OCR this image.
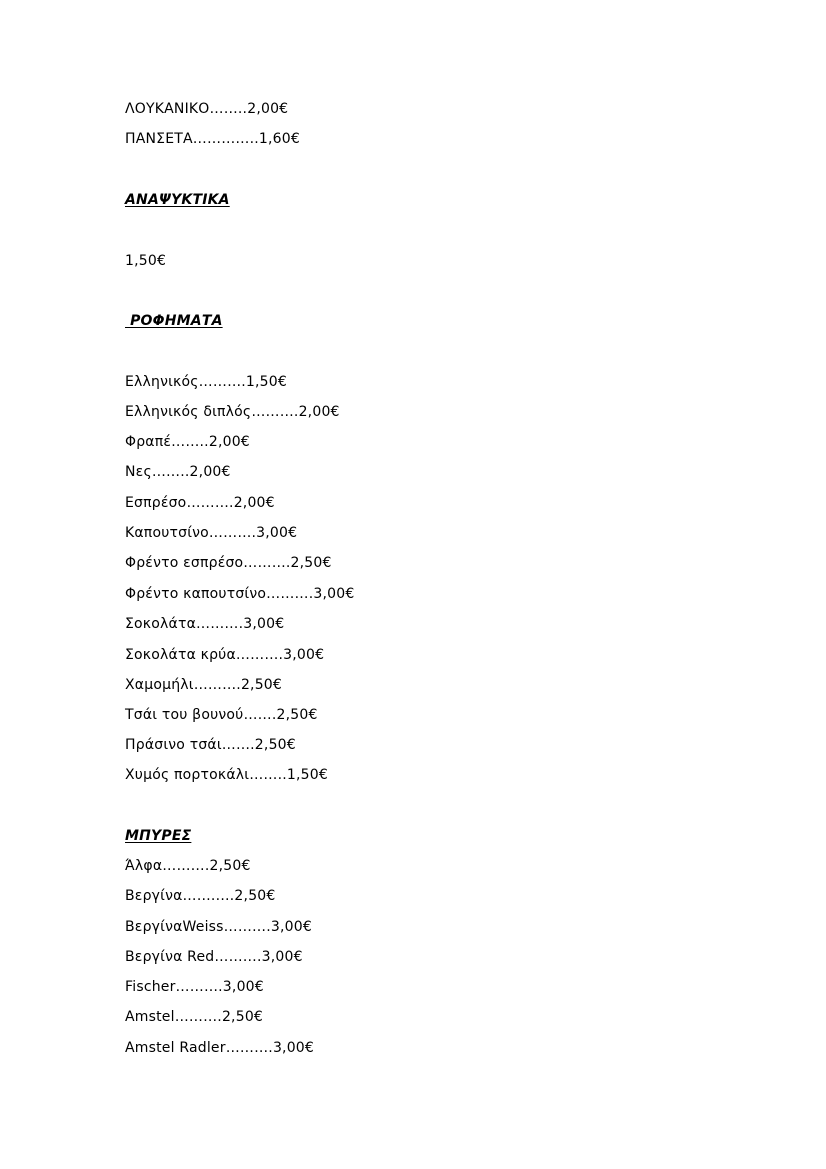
ΛΟΥΚΑΝΙΚΟ……..2,00€
ΠΑΝΣΕΤΑ…………..1,60€
ΑΝΑΨΥΚΤΙΚΑ
1,50€
ΡΟΦΗΜΑΤΑ
Ελληνικός……….1,50€
Ελληνικός διπλός……….2,00€
Φραπέ……..2,00€
Νες……..2,00€
Εσπρέσο……….2,00€
Καπουτσίνο……….3,00€
Φρέντο εσπρέσο……….2,50€
Φρέντο καπουτσίνο……….3,00€
Σοκολάτα……….3,00€
Σοκολάτα κρύα……….3,00€
Χαμομήλι……….2,50€
Τσάι του βουνού…….2,50€
Πράσινο τσάι…….2,50€
Χυμός πορτοκάλι……..1,50€
ΜΠΥΡΕΣ
Άλφα……….2,50€
Βεργίνα……..…2,50€
ΒεργίναWeiss……….3,00€
Βεργίνα Red……….3,00€
Fischer……….3,00€
Amstel……….2,50€
Amstel Radler……….3,00€
